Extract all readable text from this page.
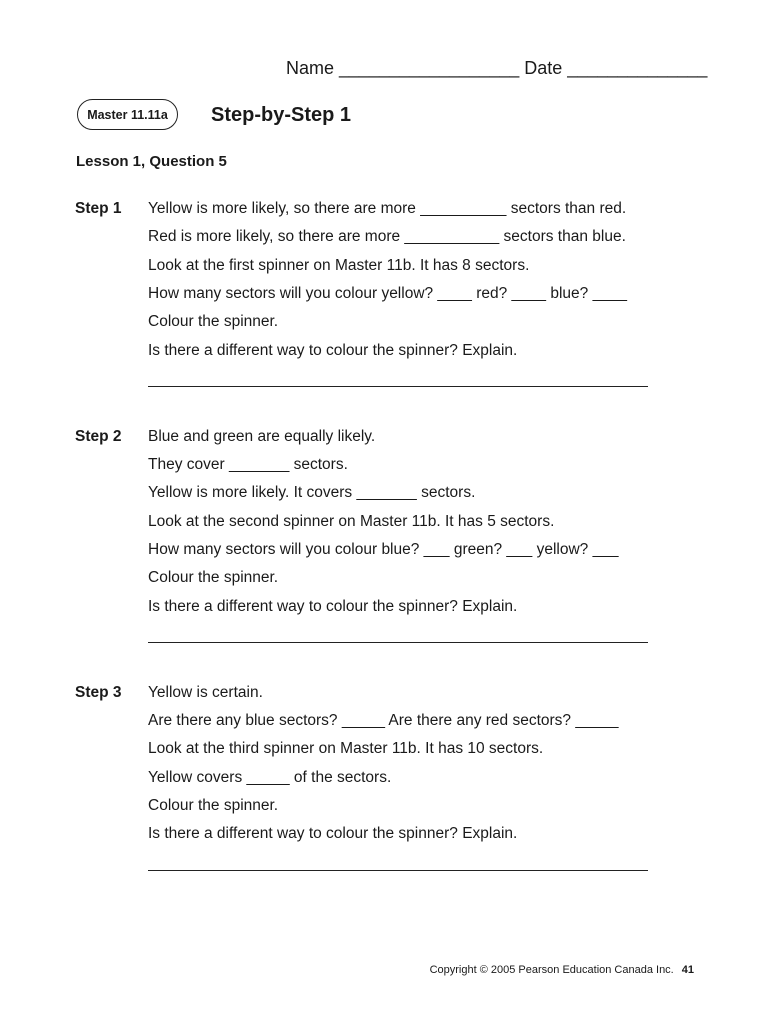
Name __________________ Date ______________
Master 11.11a	Step-by-Step 1
Lesson 1, Question 5
Step 1 Yellow is more likely, so there are more __________ sectors than red.
Red is more likely, so there are more ___________ sectors than blue.
Look at the first spinner on Master 11b. It has 8 sectors.
How many sectors will you colour yellow? ____ red? ____ blue? ____
Colour the spinner.
Is there a different way to colour the spinner? Explain.
Step 2 Blue and green are equally likely.
They cover _______ sectors.
Yellow is more likely. It covers _______ sectors.
Look at the second spinner on Master 11b. It has 5 sectors.
How many sectors will you colour blue? ___ green? ___ yellow? ___
Colour the spinner.
Is there a different way to colour the spinner? Explain.
Step 3 Yellow is certain.
Are there any blue sectors? _____ Are there any red sectors? _____
Look at the third spinner on Master 11b. It has 10 sectors.
Yellow covers _____ of the sectors.
Colour the spinner.
Is there a different way to colour the spinner? Explain.
Copyright © 2005 Pearson Education Canada Inc. 41
